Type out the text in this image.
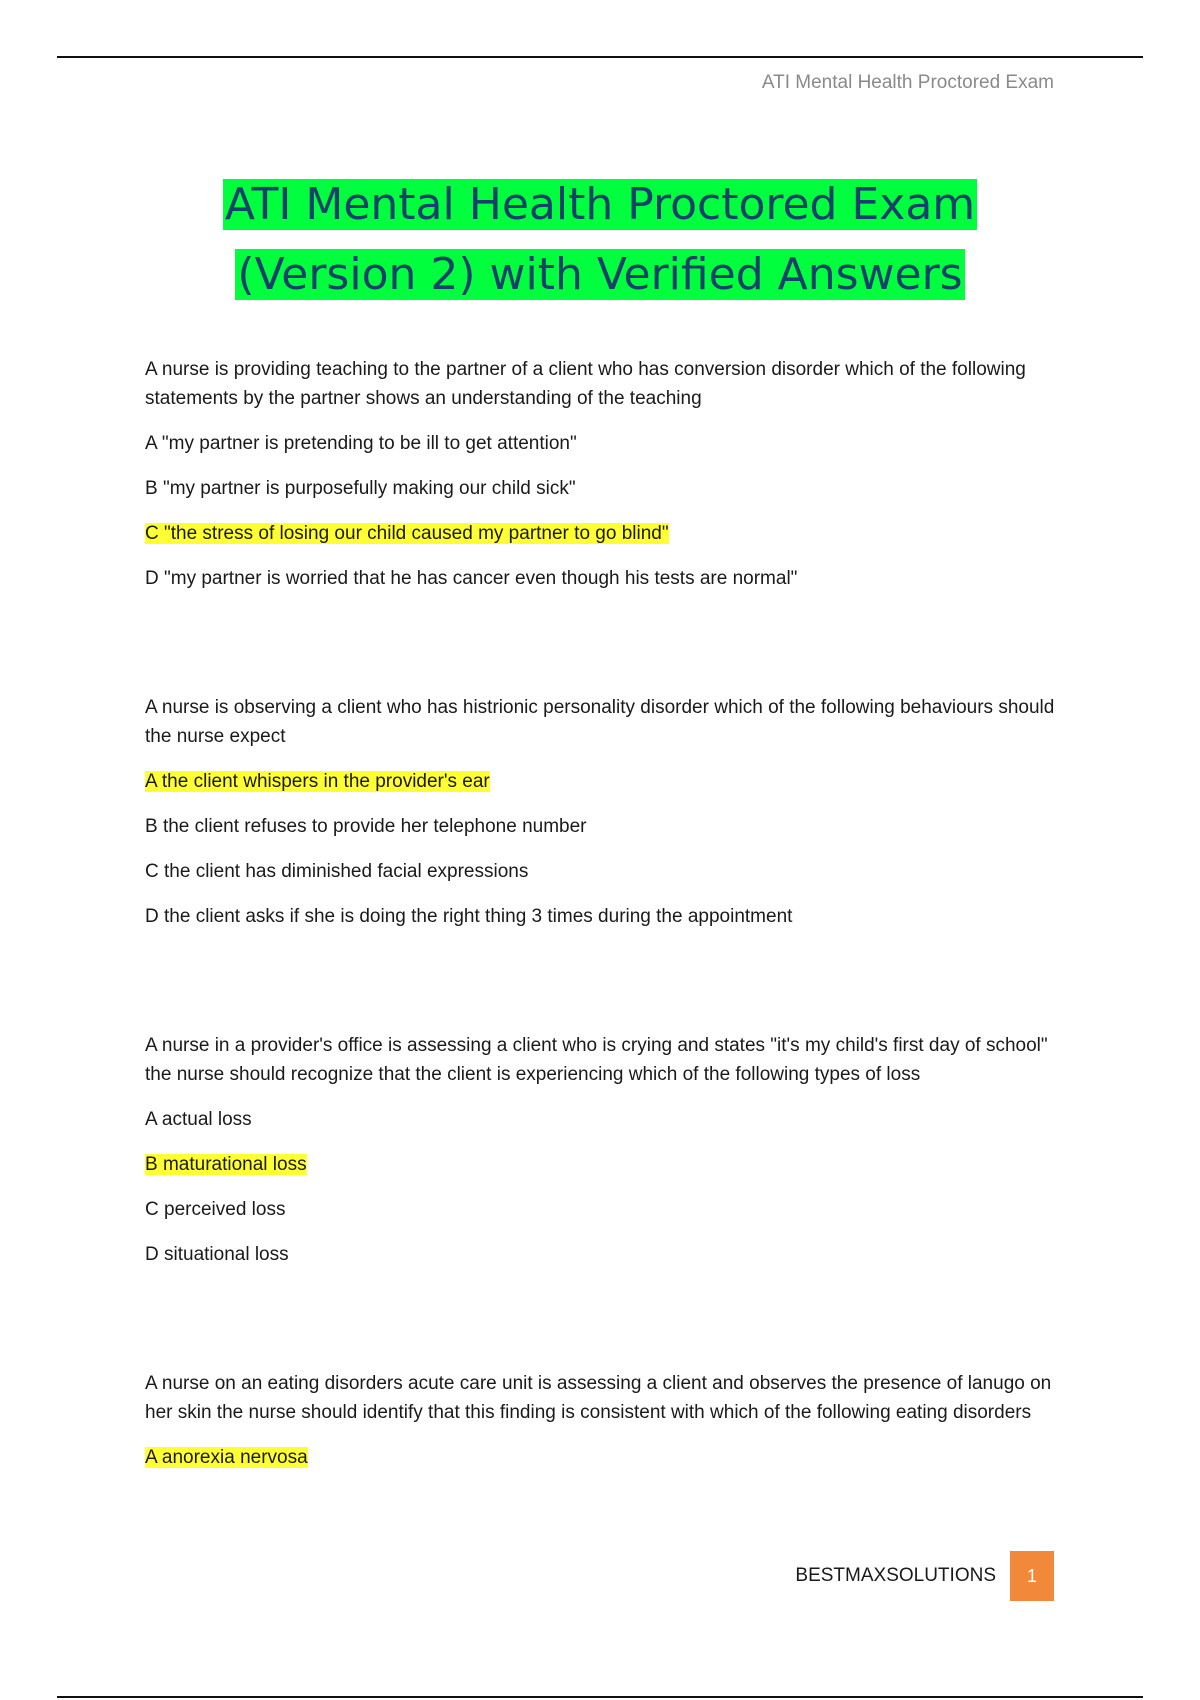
ATI Mental Health Proctored Exam
ATI Mental Health Proctored Exam
(Version 2) with Verified Answers

A nurse is providing teaching to the partner of a client who has conversion disorder which of the following statements by the partner shows an understanding of the teaching

A "my partner is pretending to be ill to get attention"

B "my partner is purposefully making our child sick"

C "the stress of losing our child caused my partner to go blind"

D "my partner is worried that he has cancer even though his tests are normal"

A nurse is observing a client who has histrionic personality disorder which of the following behaviours should the nurse expect

A the client whispers in the provider's ear

B the client refuses to provide her telephone number

C the client has diminished facial expressions

D the client asks if she is doing the right thing 3 times during the appointment

A nurse in a provider's office is assessing a client who is crying and states "it's my child's first day of school" the nurse should recognize that the client is experiencing which of the following types of loss

A actual loss

B maturational loss

C perceived loss

D situational loss

A nurse on an eating disorders acute care unit is assessing a client and observes the presence of lanugo on her skin the nurse should identify that this finding is consistent with which of the following eating disorders

A anorexia nervosa

BESTMAXSOLUTIONS	1
